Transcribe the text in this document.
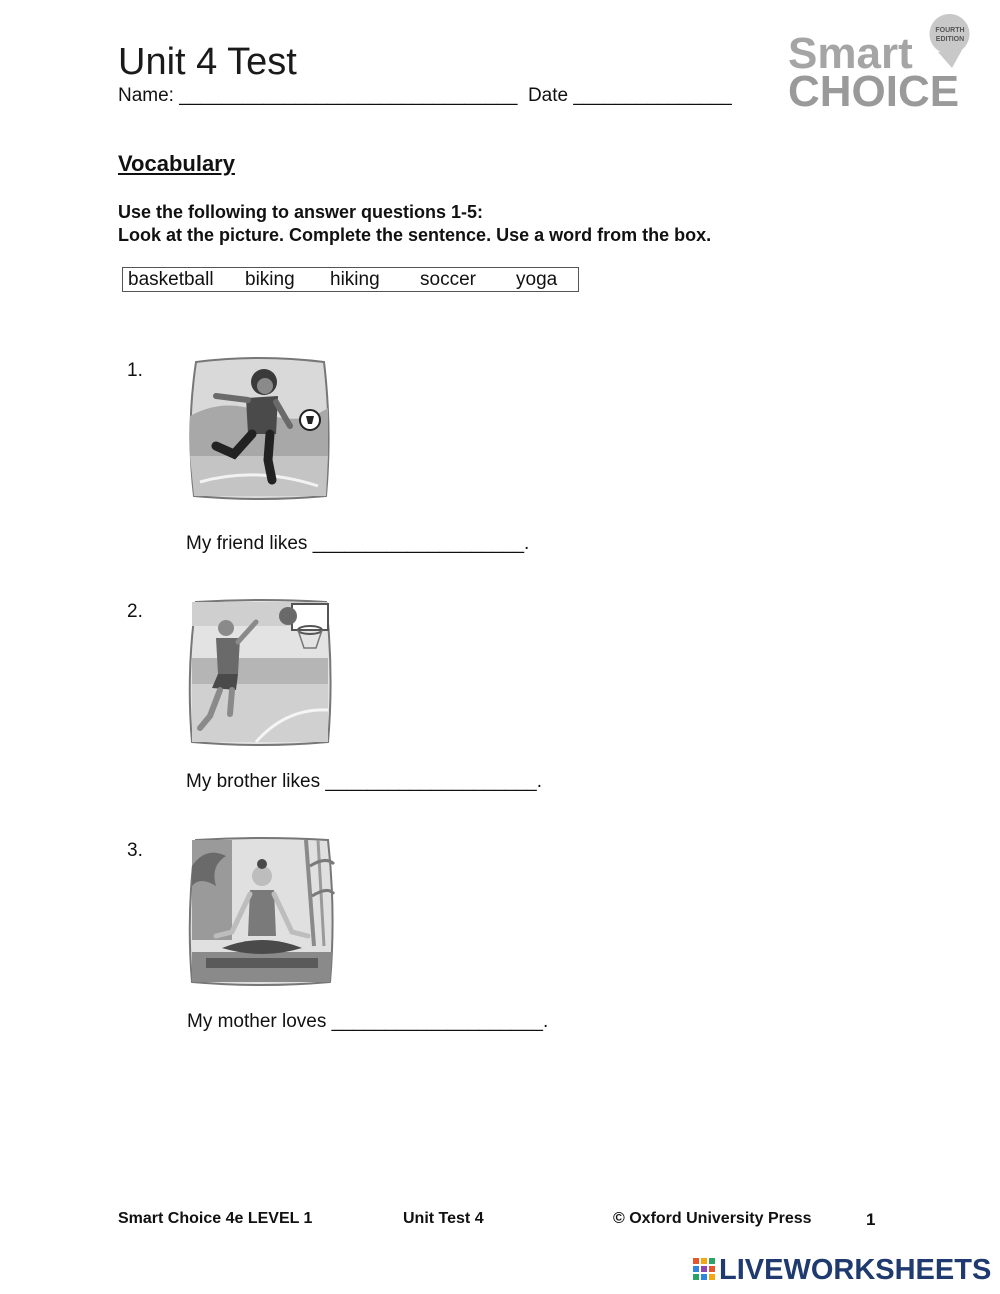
Unit 4 Test
Name: ________________________________  Date _______________
Smart
CHOICE
FOURTH
EDITION
Vocabulary
Use the following to answer questions 1-5:
Look at the picture. Complete the sentence. Use a word from the box.
basketball biking hiking soccer yoga
1.
My friend likes ____________________.
2.
My brother likes ____________________.
3.
My mother loves ____________________.
Smart Choice 4e LEVEL 1	Unit Test 4	© Oxford University Press	1
LIVEWORKSHEETS
